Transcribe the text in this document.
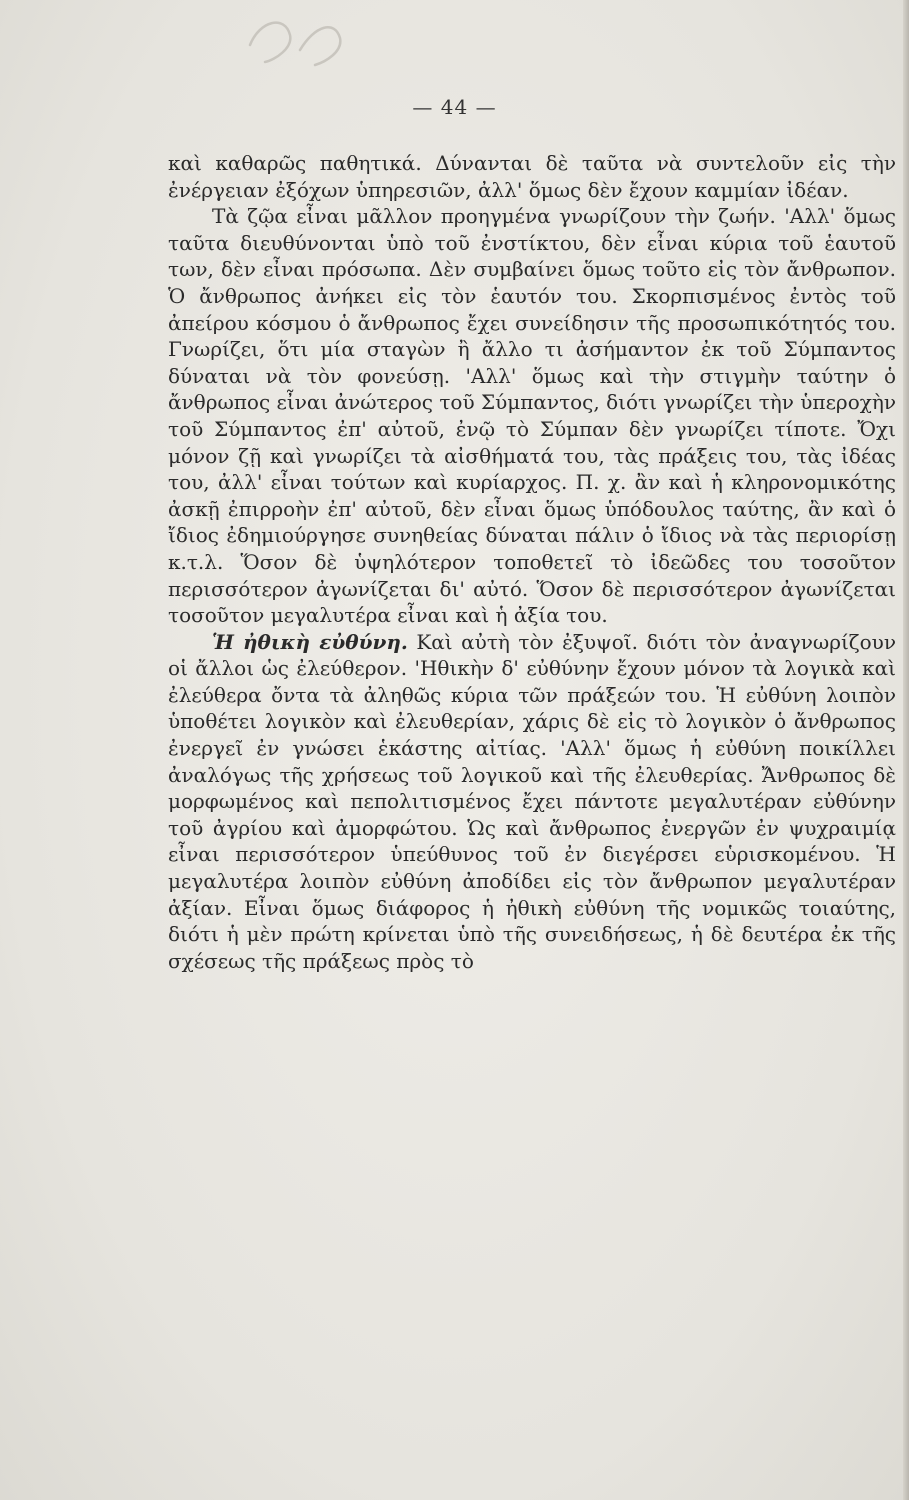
— 44 —

καὶ καθαρῶς παθητικά. Δύνανται δὲ ταῦτα νὰ συντελοῦν εἰς τὴν ἐνέργειαν ἐξόχων ὑπηρεσιῶν, ἀλλ' ὅμως δὲν ἔχουν καμμίαν ἰδέαν.

Τὰ ζῷα εἶναι μᾶλλον προηγμένα γνωρίζουν τὴν ζωήν. 'Αλλ' ὅμως ταῦτα διευθύνονται ὑπὸ τοῦ ἐνστίκτου, δὲν εἶναι κύρια τοῦ ἑαυτοῦ των, δὲν εἶναι πρόσωπα. Δὲν συμβαίνει ὅμως τοῦτο εἰς τὸν ἄνθρωπον. Ὁ ἄνθρωπος ἀνήκει εἰς τὸν ἑαυτόν του. Σκορπισμένος ἐντὸς τοῦ ἀπείρου κόσμου ὁ ἄνθρωπος ἔχει συνείδησιν τῆς προσωπικότητός του. Γνωρίζει, ὅτι μία σταγὼν ἢ ἄλλο τι ἀσήμαντον ἐκ τοῦ Σύμπαντος δύναται νὰ τὸν φονεύσῃ. 'Αλλ' ὅμως καὶ τὴν στιγμὴν ταύτην ὁ ἄνθρωπος εἶναι ἀνώτερος τοῦ Σύμπαντος, διότι γνωρίζει τὴν ὑπεροχὴν τοῦ Σύμπαντος ἐπ' αὐτοῦ, ἐνῷ τὸ Σύμπαν δὲν γνωρίζει τίποτε. Ὄχι μόνον ζῇ καὶ γνωρίζει τὰ αἰσθήματά του, τὰς πράξεις του, τὰς ἰδέας του, ἀλλ' εἶναι τούτων καὶ κυρίαρχος. Π. χ. ἂν καὶ ἡ κληρονομικότης ἀσκῇ ἐπιρροὴν ἐπ' αὐτοῦ, δὲν εἶναι ὅμως ὑπόδουλος ταύτης, ἂν καὶ ὁ ἴδιος ἐδημιούργησε συνηθείας δύναται πάλιν ὁ ἴδιος νὰ τὰς περιορίσῃ κ.τ.λ. Ὅσον δὲ ὑψηλότερον τοποθετεῖ τὸ ἰδεῶδες του τοσοῦτον περισσότερον ἀγωνίζεται δι' αὐτό. Ὅσον δὲ περισσότερον ἀγωνίζεται τοσοῦτον μεγαλυτέρα εἶναι καὶ ἡ ἀξία του.

Ἡ ἠθικὴ εὐθύνη. Καὶ αὐτὴ τὸν ἐξυψοῖ. διότι τὸν ἀναγνωρίζουν οἱ ἄλλοι ὡς ἐλεύθερον. 'Ηθικὴν δ' εὐθύνην ἔχουν μόνον τὰ λογικὰ καὶ ἐλεύθερα ὄντα τὰ ἀληθῶς κύρια τῶν πράξεών του. Ἡ εὐθύνη λοιπὸν ὑποθέτει λογικὸν καὶ ἐλευθερίαν, χάρις δὲ εἰς τὸ λογικὸν ὁ ἄνθρωπος ἐνεργεῖ ἐν γνώσει ἑκάστης αἰτίας. 'Αλλ' ὅμως ἡ εὐθύνη ποικίλλει ἀναλόγως τῆς χρήσεως τοῦ λογικοῦ καὶ τῆς ἐλευθερίας. Ἄνθρωπος δὲ μορφωμένος καὶ πεπολιτισμένος ἔχει πάντοτε μεγαλυτέραν εὐθύνην τοῦ ἀγρίου καὶ ἀμορφώτου. Ὡς καὶ ἄνθρωπος ἐνεργῶν ἐν ψυχραιμίᾳ εἶναι περισσότερον ὑπεύθυνος τοῦ ἐν διεγέρσει εὑρισκομένου. Ἡ μεγαλυτέρα λοιπὸν εὐθύνη ἀποδίδει εἰς τὸν ἄνθρωπον μεγαλυτέραν ἀξίαν. Εἶναι ὅμως διάφορος ἡ ἠθικὴ εὐθύνη τῆς νομικῶς τοιαύτης, διότι ἡ μὲν πρώτη κρίνεται ὑπὸ τῆς συνειδήσεως, ἡ δὲ δευτέρα ἐκ τῆς σχέσεως τῆς πράξεως πρὸς τὸ
